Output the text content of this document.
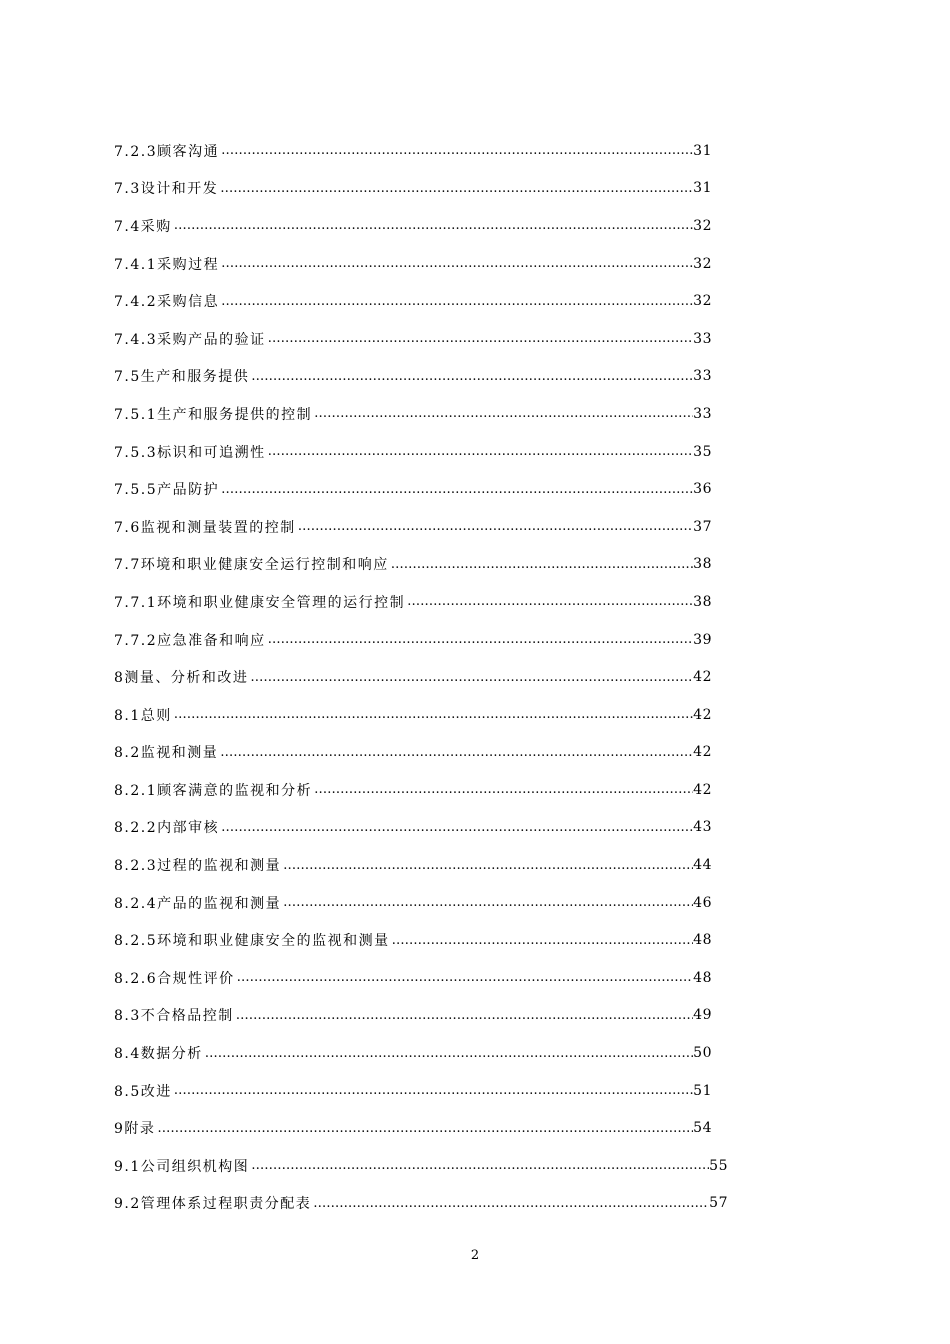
7.2.3顾客沟通 …………………………………………………………………………………………………………………………………………………………………………………………………………………………………………	31
7.3设计和开发 …………………………………………………………………………………………………………………………………………………………………………………………………………………………………………	31
7.4采购 …………………………………………………………………………………………………………………………………………………………………………………………………………………………………………	32
7.4.1采购过程 …………………………………………………………………………………………………………………………………………………………………………………………………………………………………………	32
7.4.2采购信息 …………………………………………………………………………………………………………………………………………………………………………………………………………………………………………	32
7.4.3采购产品的验证 …………………………………………………………………………………………………………………………………………………………………………………………………………………………………………	33
7.5生产和服务提供 …………………………………………………………………………………………………………………………………………………………………………………………………………………………………………	33
7.5.1生产和服务提供的控制 …………………………………………………………………………………………………………………………………………………………………………………………………………………………………………	33
7.5.3标识和可追溯性 …………………………………………………………………………………………………………………………………………………………………………………………………………………………………………	35
7.5.5产品防护 …………………………………………………………………………………………………………………………………………………………………………………………………………………………………………	36
7.6监视和测量装置的控制 …………………………………………………………………………………………………………………………………………………………………………………………………………………………………………	37
7.7环境和职业健康安全运行控制和响应 …………………………………………………………………………………………………………………………………………………………………………………………………………………………………………	38
7.7.1环境和职业健康安全管理的运行控制 …………………………………………………………………………………………………………………………………………………………………………………………………………………………………………	38
7.7.2应急准备和响应 …………………………………………………………………………………………………………………………………………………………………………………………………………………………………………	39
8测量、分析和改进 …………………………………………………………………………………………………………………………………………………………………………………………………………………………………………	42
8.1总则 …………………………………………………………………………………………………………………………………………………………………………………………………………………………………………	42
8.2监视和测量 …………………………………………………………………………………………………………………………………………………………………………………………………………………………………………	42
8.2.1顾客满意的监视和分析 …………………………………………………………………………………………………………………………………………………………………………………………………………………………………………	42
8.2.2内部审核 …………………………………………………………………………………………………………………………………………………………………………………………………………………………………………	43
8.2.3过程的监视和测量 …………………………………………………………………………………………………………………………………………………………………………………………………………………………………………	44
8.2.4产品的监视和测量 …………………………………………………………………………………………………………………………………………………………………………………………………………………………………………	46
8.2.5环境和职业健康安全的监视和测量 …………………………………………………………………………………………………………………………………………………………………………………………………………………………………………	48
8.2.6合规性评价 …………………………………………………………………………………………………………………………………………………………………………………………………………………………………………	48
8.3不合格品控制 …………………………………………………………………………………………………………………………………………………………………………………………………………………………………………	49
8.4数据分析 …………………………………………………………………………………………………………………………………………………………………………………………………………………………………………	50
8.5改进 …………………………………………………………………………………………………………………………………………………………………………………………………………………………………………	51
9附录 …………………………………………………………………………………………………………………………………………………………………………………………………………………………………………	54
9.1公司组织机构图 …………………………………………………………………………………………………………………………………………………………………………………………………………………………………………	55
9.2管理体系过程职责分配表 …………………………………………………………………………………………………………………………………………………………………………………………………………………………………………	57
2
